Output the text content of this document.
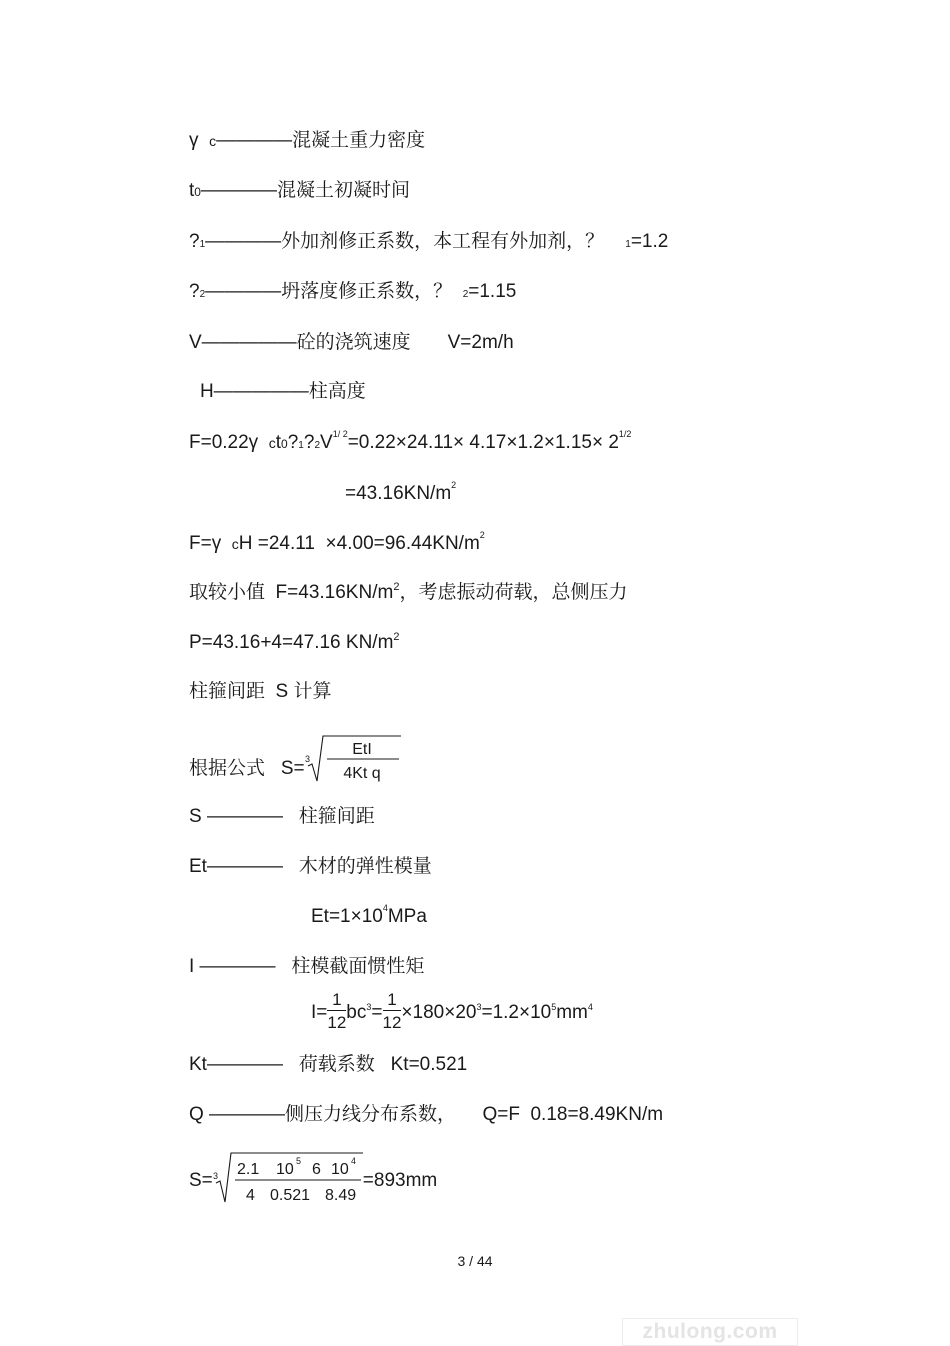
γ  c————混凝土重力密度
t0————混凝土初凝时间
?1————外加剂修正系数，本工程有外加剂，？    1=1.2
?2————坍落度修正系数，？  2=1.15
V—————砼的浇筑速度       V=2m/h
H—————柱高度
F=0.22γ  $ct0?1?2V^{1/ 2}=0.22\times 24.11\times 4.17\times 1.2\times 1.15\times 2^{1/2}$
$=43.16KN/m^2$
F=γ  cH $=24.11 \times 4.00=96.44KN/m^2$
取较小值  $F=43.16KN/m^2$，考虑振动荷载，总侧压力
P=43.16+4=47.16 $KN/m^2$
柱箍间距  S 计算
根据公式   S= 3
EtI
4Kt q
S ————   柱箍间距
Et————   木材的弹性模量
$Et=1\times 10^4MPa$
I ————   柱模截面惯性矩
$I= \frac{1}{12} bc^3= \frac{1}{12} \times 180\times 20^3=1.2\times 10^5mm^4$
Kt————   荷载系数   Kt=0.521
Q ————侧压力线分布系数，     Q=F  0.18=8.49KN/m
S= 3 2.1 10 5 6 10 4
4 0.521 8.49
=893mm
3 / 44
zhulong.com
